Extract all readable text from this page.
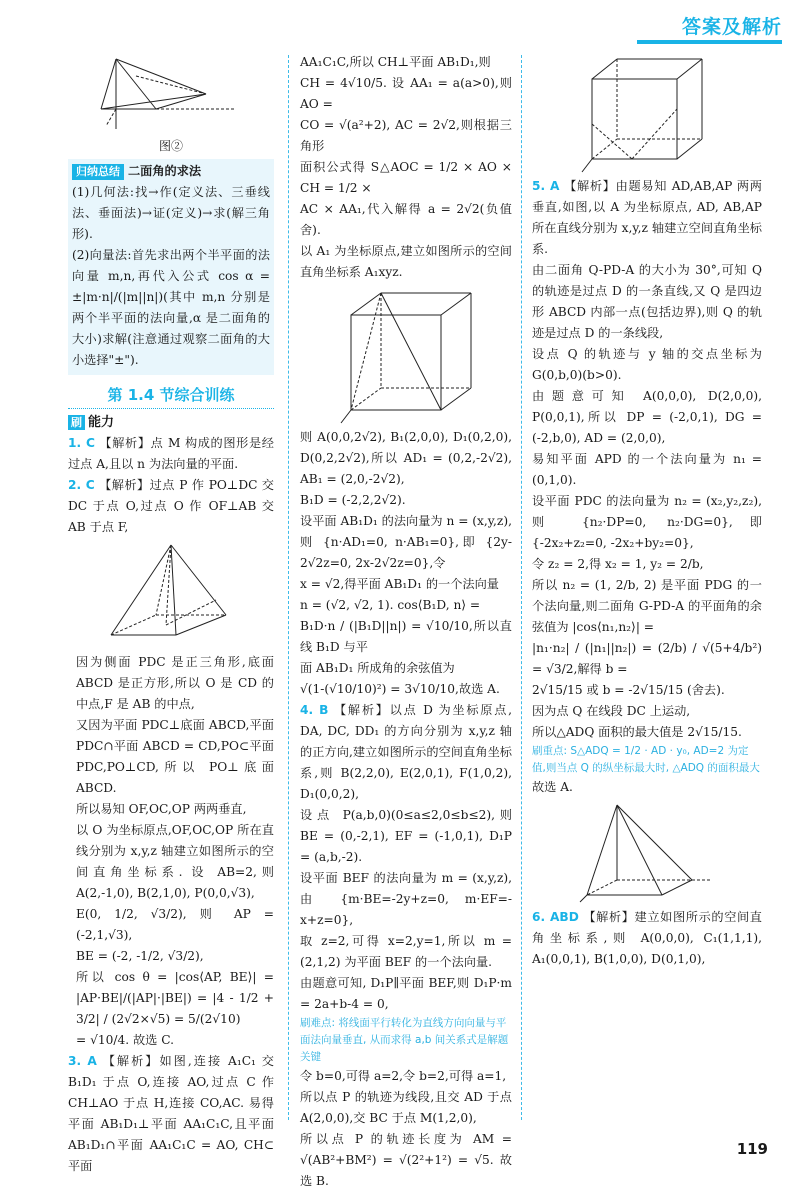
答案及解析
图②
归纳总结 二面角的求法
(1)几何法:找→作(定义法、三垂线法、垂面法)→证(定义)→求(解三角形).
(2)向量法:首先求出两个半平面的法向量 m,n,再代入公式 cos α = ±|m·n|/(|m||n|)(其中 m,n 分别是两个半平面的法向量,α 是二面角的大小)求解(注意通过观察二面角的大小选择"±").
第 1.4 节综合训练
刷 能力
1. C 【解析】点 M 构成的图形是经过点 A,且以 n 为法向量的平面.
2. C 【解析】过点 P 作 PO⊥DC 交 DC 于点 O,过点 O 作 OF⊥AB 交 AB 于点 F,
因为侧面 PDC 是正三角形,底面 ABCD 是正方形,所以 O 是 CD 的中点,F 是 AB 的中点,
又因为平面 PDC⊥底面 ABCD,平面 PDC∩平面 ABCD = CD,PO⊂平面 PDC,PO⊥CD,所以 PO⊥底面 ABCD.
所以易知 OF,OC,OP 两两垂直,
以 O 为坐标原点,OF,OC,OP 所在直线分别为 x,y,z 轴建立如图所示的空间直角坐标系. 设 AB=2,则 A(2,-1,0), B(2,1,0), P(0,0,√3),
E(0, 1/2, √3/2), 则 AP = (-2,1,√3),
BE = (-2, -1/2, √3/2),
所以 cos θ = |cos⟨AP, BE⟩| = |AP·BE|/(|AP|·|BE|) = |4 - 1/2 + 3/2| / (2√2×√5) = 5/(2√10)
= √10/4. 故选 C.
3. A 【解析】如图,连接 A₁C₁ 交 B₁D₁ 于点 O,连接 AO,过点 C 作 CH⊥AO 于点 H,连接 CO,AC. 易得平面 AB₁D₁⊥平面 AA₁C₁C,且平面 AB₁D₁∩平面 AA₁C₁C = AO, CH⊂平面
AA₁C₁C,所以 CH⊥平面 AB₁D₁,则
CH = 4√10/5. 设 AA₁ = a(a>0),则 AO =
CO = √(a²+2), AC = 2√2,则根据三角形
面积公式得 S△AOC = 1/2 × AO × CH = 1/2 ×
AC × AA₁,代入解得 a = 2√2(负值舍).
以 A₁ 为坐标原点,建立如图所示的空间直角坐标系 A₁xyz.
则 A(0,0,2√2), B₁(2,0,0), D₁(0,2,0), D(0,2,2√2),所以 AD₁ = (0,2,-2√2), AB₁ = (2,0,-2√2),
B₁D = (-2,2,2√2).
设平面 AB₁D₁ 的法向量为 n = (x,y,z),则 {n·AD₁=0, n·AB₁=0},即 {2y-2√2z=0, 2x-2√2z=0},令
x = √2,得平面 AB₁D₁ 的一个法向量
n = (√2, √2, 1). cos⟨B₁D, n⟩ =
B₁D·n / (|B₁D||n|) = √10/10,所以直线 B₁D 与平
面 AB₁D₁ 所成角的余弦值为
√(1-(√10/10)²) = 3√10/10,故选 A.
4. B 【解析】以点 D 为坐标原点, DA, DC, DD₁ 的方向分别为 x,y,z 轴的正方向,建立如图所示的空间直角坐标系,则 B(2,2,0), E(2,0,1), F(1,0,2), D₁(0,0,2),
设点 P(a,b,0)(0≤a≤2,0≤b≤2),则 BE = (0,-2,1), EF = (-1,0,1), D₁P = (a,b,-2).
设平面 BEF 的法向量为 m = (x,y,z),由 {m·BE=-2y+z=0, m·EF=-x+z=0},
取 z=2,可得 x=2,y=1,所以 m = (2,1,2) 为平面 BEF 的一个法向量.
由题意可知, D₁P∥平面 BEF,则 D₁P·m = 2a+b-4 = 0,
刷难点: 将线面平行转化为直线方向向量与平面法向量垂直, 从而求得 a,b 间关系式是解题关键
令 b=0,可得 a=2,令 b=2,可得 a=1,
所以点 P 的轨迹为线段,且交 AD 于点 A(2,0,0),交 BC 于点 M(1,2,0),
所以点 P 的轨迹长度为 AM = √(AB²+BM²) = √(2²+1²) = √5. 故选 B.
5. A 【解析】由题易知 AD,AB,AP 两两垂直,如图,以 A 为坐标原点, AD, AB,AP 所在直线分别为 x,y,z 轴建立空间直角坐标系.
由二面角 Q-PD-A 的大小为 30°,可知 Q 的轨迹是过点 D 的一条直线,又 Q 是四边形 ABCD 内部一点(包括边界),则 Q 的轨迹是过点 D 的一条线段,
设点 Q 的轨迹与 y 轴的交点坐标为 G(0,b,0)(b>0).
由题意可知 A(0,0,0), D(2,0,0), P(0,0,1),所以 DP = (-2,0,1), DG = (-2,b,0), AD = (2,0,0),
易知平面 APD 的一个法向量为 n₁ = (0,1,0).
设平面 PDC 的法向量为 n₂ = (x₂,y₂,z₂),则 {n₂·DP=0, n₂·DG=0},即 {-2x₂+z₂=0, -2x₂+by₂=0},
令 z₂ = 2,得 x₂ = 1, y₂ = 2/b,
所以 n₂ = (1, 2/b, 2) 是平面 PDG 的一个法向量,则二面角 G-PD-A 的平面角的余弦值为 |cos⟨n₁,n₂⟩| =
|n₁·n₂| / (|n₁||n₂|) = (2/b) / √(5+4/b²) = √3/2,解得 b =
2√15/15 或 b = -2√15/15 (舍去).
因为点 Q 在线段 DC 上运动,
所以△ADQ 面积的最大值是 2√15/15.
刷重点: S△ADQ = 1/2 · AD · y₀, AD=2 为定值,则当点 Q 的纵坐标最大时, △ADQ 的面积最大
故选 A.
6. ABD 【解析】建立如图所示的空间直角坐标系,则 A(0,0,0), C₁(1,1,1), A₁(0,0,1), B(1,0,0), D(0,1,0),
119
